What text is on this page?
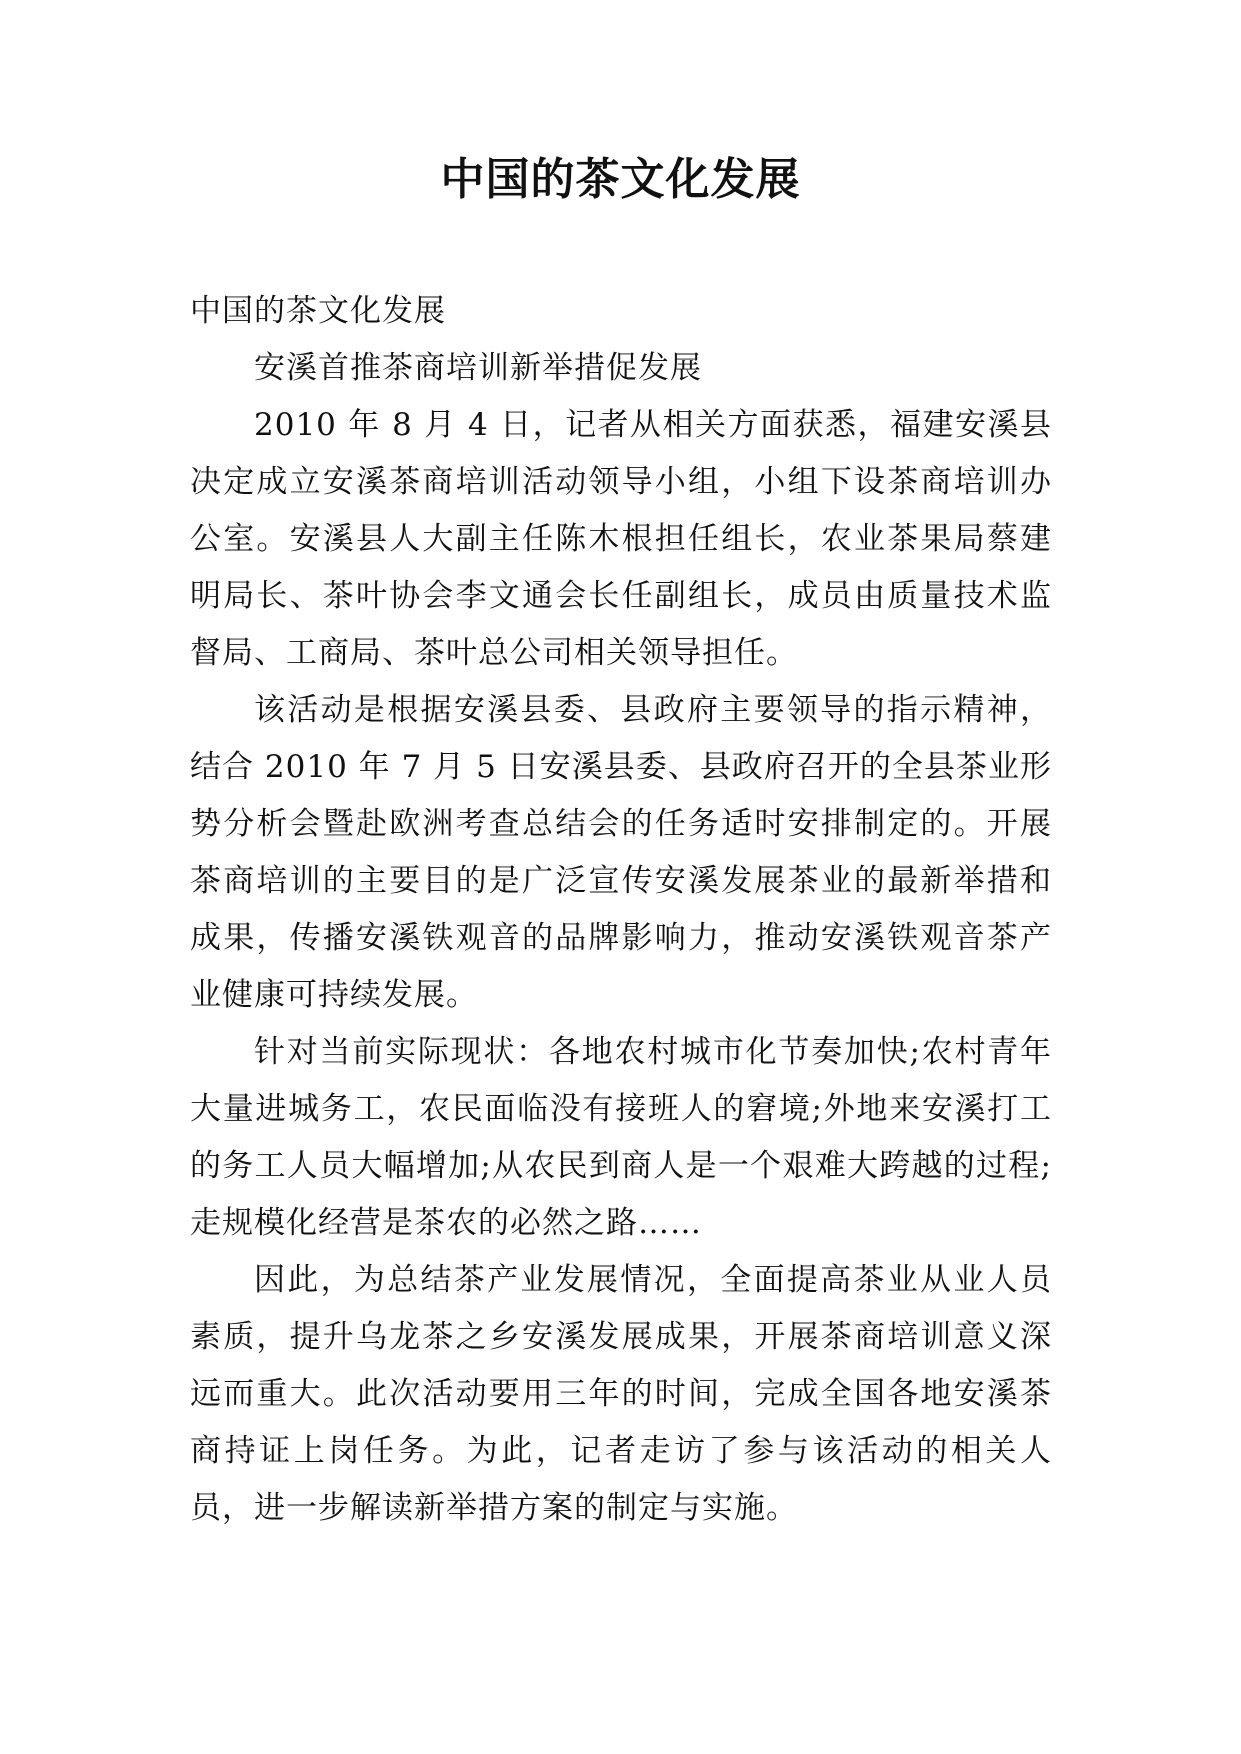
中国的茶文化发展

中国的茶文化发展

安溪首推茶商培训新举措促发展

2010 年 8 月 4 日，记者从相关方面获悉，福建安溪县决定成立安溪茶商培训活动领导小组，小组下设茶商培训办公室。安溪县人大副主任陈木根担任组长，农业茶果局蔡建明局长、茶叶协会李文通会长任副组长，成员由质量技术监督局、工商局、茶叶总公司相关领导担任。

该活动是根据安溪县委、县政府主要领导的指示精神，结合 2010 年 7 月 5 日安溪县委、县政府召开的全县茶业形势分析会暨赴欧洲考查总结会的任务适时安排制定的。开展茶商培训的主要目的是广泛宣传安溪发展茶业的最新举措和成果，传播安溪铁观音的品牌影响力，推动安溪铁观音茶产业健康可持续发展。

针对当前实际现状：各地农村城市化节奏加快;农村青年大量进城务工，农民面临没有接班人的窘境;外地来安溪打工的务工人员大幅增加;从农民到商人是一个艰难大跨越的过程;走规模化经营是茶农的必然之路……

因此，为总结茶产业发展情况，全面提高茶业从业人员素质，提升乌龙茶之乡安溪发展成果，开展茶商培训意义深远而重大。此次活动要用三年的时间，完成全国各地安溪茶商持证上岗任务。为此，记者走访了参与该活动的相关人员，进一步解读新举措方案的制定与实施。
